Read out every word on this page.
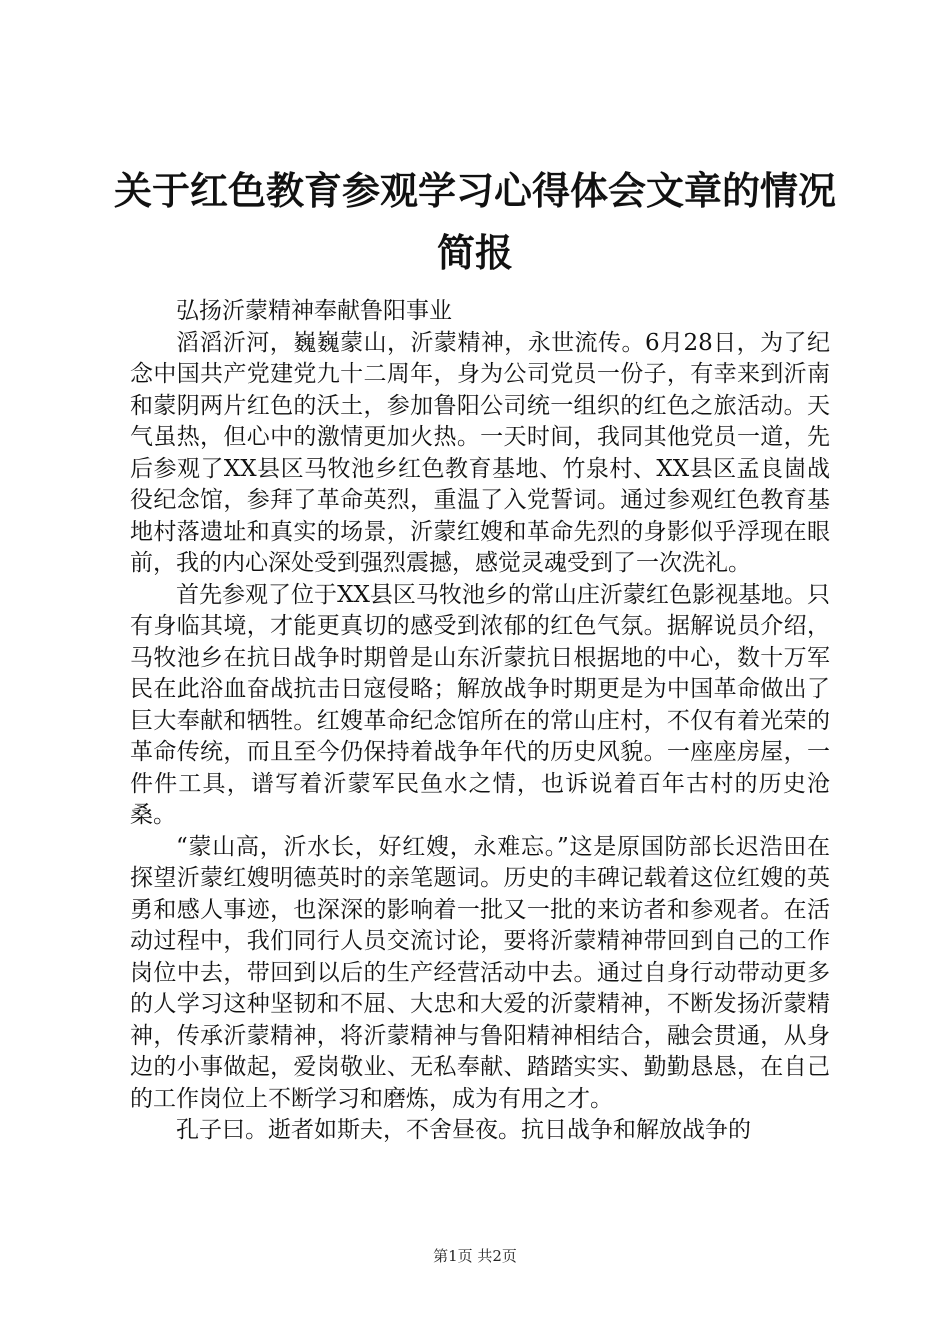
关于红色教育参观学习心得体会文章的情况简报

弘扬沂蒙精神奉献鲁阳事业

滔滔沂河，巍巍蒙山，沂蒙精神，永世流传。6月28日，为了纪念中国共产党建党九十二周年，身为公司党员一份子，有幸来到沂南和蒙阴两片红色的沃土，参加鲁阳公司统一组织的红色之旅活动。天气虽热，但心中的激情更加火热。一天时间，我同其他党员一道，先后参观了XX县区马牧池乡红色教育基地、竹泉村、XX县区孟良崮战役纪念馆，参拜了革命英烈，重温了入党誓词。通过参观红色教育基地村落遗址和真实的场景，沂蒙红嫂和革命先烈的身影似乎浮现在眼前，我的内心深处受到强烈震撼，感觉灵魂受到了一次洗礼。

首先参观了位于XX县区马牧池乡的常山庄沂蒙红色影视基地。只有身临其境，才能更真切的感受到浓郁的红色气氛。据解说员介绍，马牧池乡在抗日战争时期曾是山东沂蒙抗日根据地的中心，数十万军民在此浴血奋战抗击日寇侵略；解放战争时期更是为中国革命做出了巨大奉献和牺牲。红嫂革命纪念馆所在的常山庄村，不仅有着光荣的革命传统，而且至今仍保持着战争年代的历史风貌。一座座房屋，一件件工具，谱写着沂蒙军民鱼水之情，也诉说着百年古村的历史沧桑。

“蒙山高，沂水长，好红嫂，永难忘。”这是原国防部长迟浩田在探望沂蒙红嫂明德英时的亲笔题词。历史的丰碑记载着这位红嫂的英勇和感人事迹，也深深的影响着一批又一批的来访者和参观者。在活动过程中，我们同行人员交流讨论，要将沂蒙精神带回到自己的工作岗位中去，带回到以后的生产经营活动中去。通过自身行动带动更多的人学习这种坚韧和不屈、大忠和大爱的沂蒙精神，不断发扬沂蒙精神，传承沂蒙精神，将沂蒙精神与鲁阳精神相结合，融会贯通，从身边的小事做起，爱岗敬业、无私奉献、踏踏实实、勤勤恳恳，在自己的工作岗位上不断学习和磨炼，成为有用之才。

孔子曰。逝者如斯夫，不舍昼夜。抗日战争和解放战争的

第1页 共2页
